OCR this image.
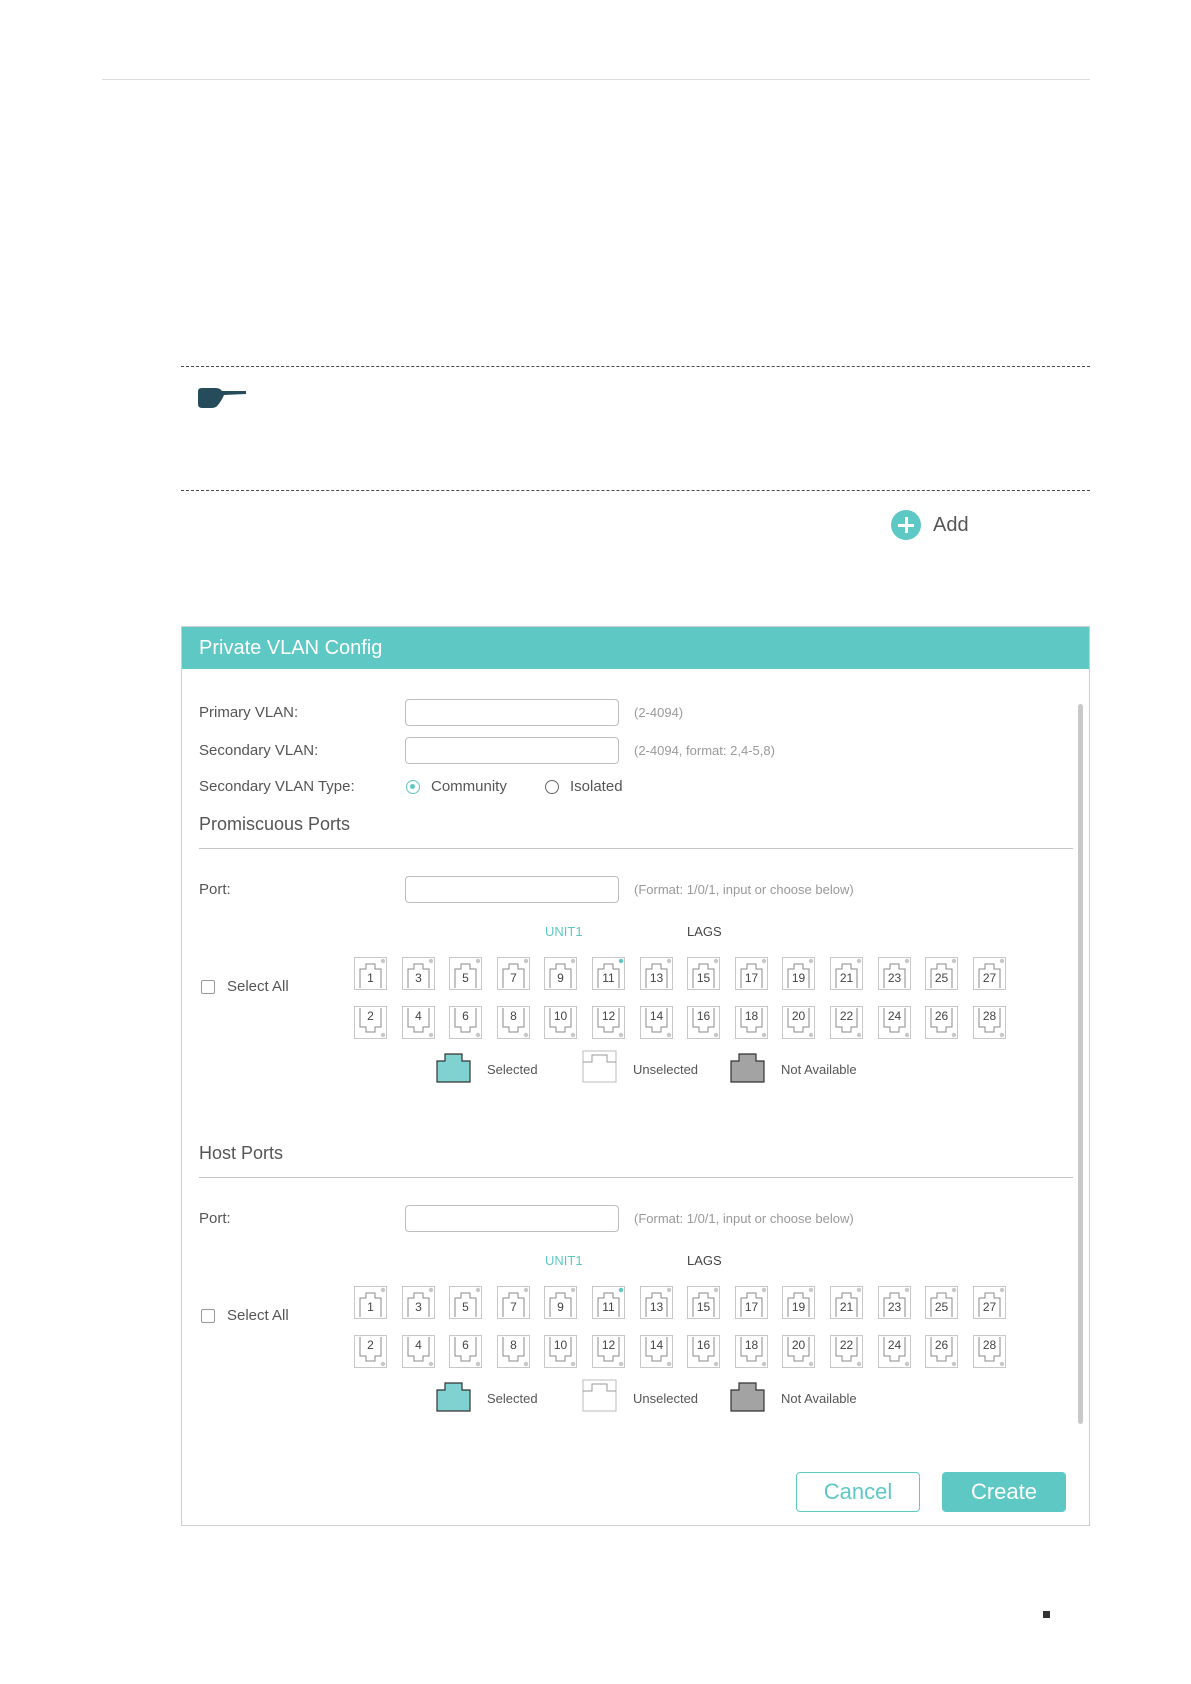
Add
Private VLAN Config
Primary VLAN:	(2-4094)
Secondary VLAN:	(2-4094, format: 2,4-5,8)
Secondary VLAN Type:	Community	Isolated
Promiscuous Ports
Port:	(Format: 1/0/1, input or choose below)
UNIT1	LAGS
Select All	1	3	5	7	9	11	13	15	17	19	21	23	25	27
2	4	6	8	10	12	14	16	18	20	22	24	26	28
Selected	Unselected	Not Available
Host Ports
Port:	(Format: 1/0/1, input or choose below)
UNIT1	LAGS
Select All	1	3	5	7	9	11	13	15	17	19	21	23	25	27
2	4	6	8	10	12	14	16	18	20	22	24	26	28
Selected	Unselected	Not Available
Cancel	Create
